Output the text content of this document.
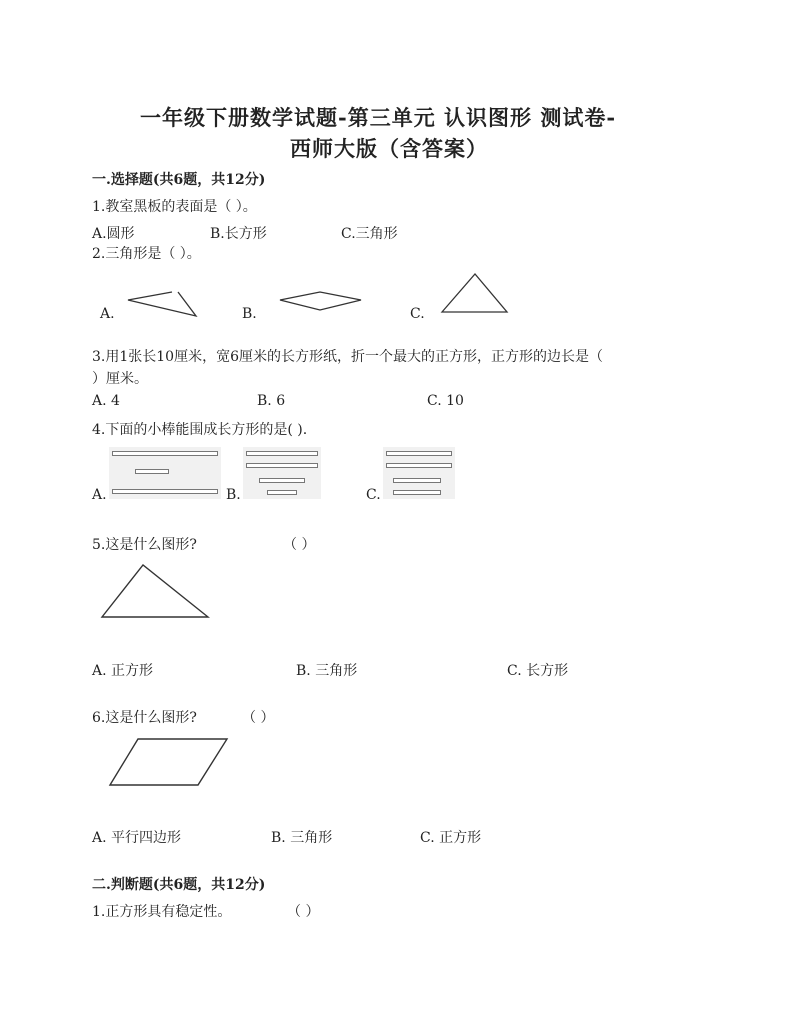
一年级下册数学试题-第三单元 认识图形 测试卷-
西师大版（含答案）
一.选择题(共6题，共12分)
1.教室黑板的表面是（ ）。
A.圆形	B.长方形	C.三角形
2.三角形是（ ）。
A.	B.	C.
3.用1张长10厘米，宽6厘米的长方形纸，折一个最大的正方形，正方形的边长是（
）厘米。
A. 4	B. 6	C. 10
4.下面的小棒能围成长方形的是( ).
A.	B.	C.
5.这是什么图形?	（ ）
A. 正方形	B. 三角形	C. 长方形
6.这是什么图形?	（ ）
A. 平行四边形	B. 三角形	C. 正方形
二.判断题(共6题，共12分)
1.正方形具有稳定性。	（ ）
